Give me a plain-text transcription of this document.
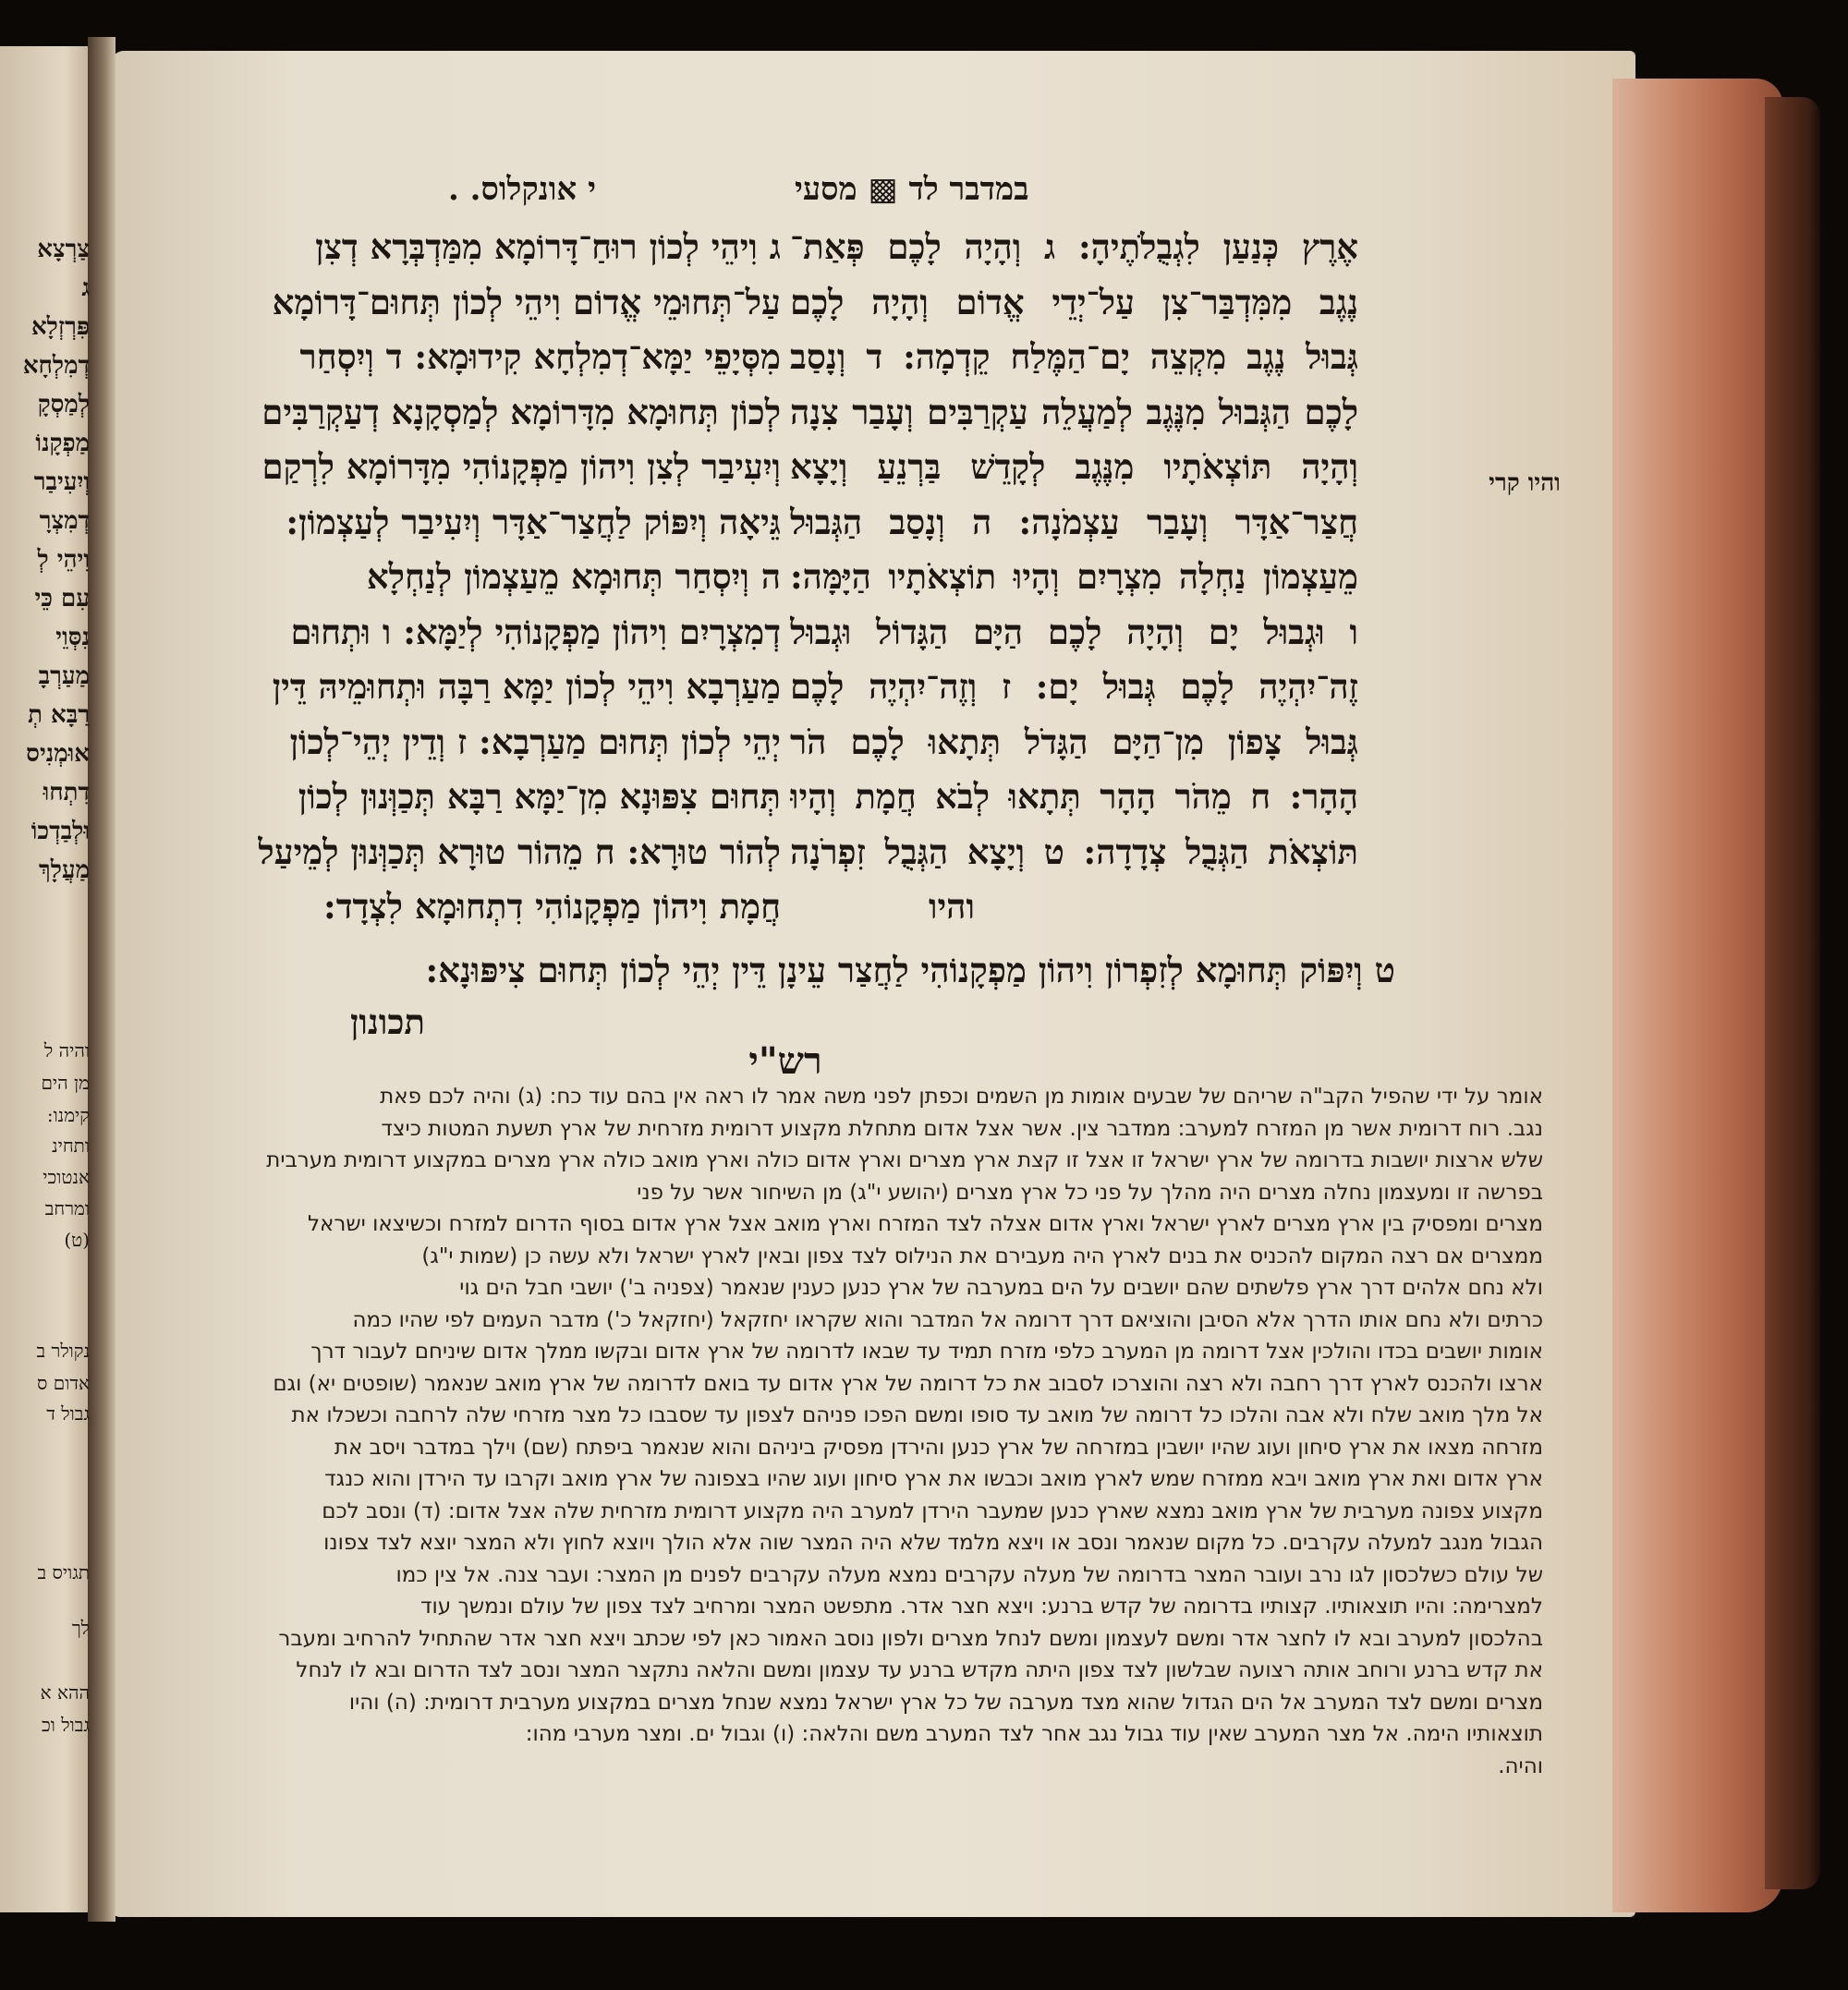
צַרְצָא
ג
פִּרְזְלָא
דְמִלְחָא
לְמַסְקָ
מַפְקָנוֹ
וְיִעִיבַר
דְמִצְרָ
וִיהֵי לְ
עִם כֵּי
נִסְּוֵי
מַעַרְבָ
רַבָּא תְ
אוּמְנִיס
דִתְחוּ
וּלְבַדְכוֹ
מַעֲלָךְ
והיה ל
מן הים
קימנו:
ותחינ
אנטוכי
ומרחב
(ט)
נקולר ב
אדום ס
גבול ד
תגויס ב
לך
ההא א
גבול וכ
במדבר לד ▩ מסעי
י אונקלוס. .
אֶרֶץ כְּנַעַן לִגְבֻלֹתֶיהָ: ג וְהָיָה לָכֶם פְּאַת־
נֶגֶב מִמִּדְבַּר־צִן עַל־יְדֵי אֱדוֹם וְהָיָה לָכֶם
גְּבוּל נֶגֶב מִקְצֵה יָם־הַמֶּלַח קֵדְמָה: ד וְנָסַב
לָכֶם הַגְּבוּל מִנֶּגֶב לְמַעֲלֵה עַקְרַבִּים וְעָבַר צִנָה
וְהָיָה תּוֹצְאֹתָיו מִנֶּגֶב לְקָדֵשׁ בַּרְנֵעַ וְיָצָא
חֲצַר־אַדָּר וְעָבַר עַצְמֹנָה: ה וְנָסַב הַגְּבוּל
מֵעַצְמוֹן נַחְלָה מִצְרָיִם וְהָיוּ תוֹצְאֹתָיו הַיָּמָּה:
ו וּגְבוּל יָם וְהָיָה לָכֶם הַיָּם הַגָּדוֹל וּגְבוּל
זֶה־יִהְיֶה לָכֶם גְּבוּל יָם: ז וְזֶה־יִהְיֶה לָכֶם
גְּבוּל צָפוֹן מִן־הַיָּם הַגָּדֹל תְּתָאוּ לָכֶם הֹר
הָהָר: ח מֵהֹר הָהָר תְּתָאוּ לְבֹא חֲמָת וְהָיוּ
תּוֹצְאֹת הַגְּבֻל צְדָדָה: ט וְיָצָא הַגְּבֻל זִפְרֹנָה
והיו
והיו קרי
ג וִיהֵי לְכוֹן רוּחַ־דָּרוֹמָא מִמַּדְבְּרָא דְצִן
עַל־תְּחוּמֵי אֱדוֹם וִיהֵי לְכוֹן תְּחוּם־דָּרוֹמָא
מִסְּיָפֵי יַמָּא־דְמִלְחָא קִידוּמָא: ד וְיִסְחַר
לְכוֹן תְּחוּמָא מִדָּרוֹמָא לְמַסְקָנָא דְעַקְרַבִּים
וְיִעִיבַר לְצִן וִיהוֹן מַפְקָנוֹהִי מִדָּרוֹמָא לִרְקַם
גֵּיאָה וְיִפּוֹק לַחֲצַר־אַדָּר וְיִעִיבַר לְעַצְמוֹן:
ה וְיִסְחַר תְּחוּמָא מֵעַצְמוֹן לְנַחְלָא
דְמִצְרָיִם וִיהוֹן מַפְקָנוֹהִי לְיַמָּא: ו וּתְחוּם
מַעַרְבָא וִיהֵי לְכוֹן יַמָּא רַבָּה וּתְחוּמֵיהּ דֵּין
יְהֵי לְכוֹן תְּחוּם מַעַרְבָא: ז וְדֵין יְהֵי־לְכוֹן
תְּחוּם צִפּוּנָא מִן־יַמָּא רַבָּא תְּכַוְּנוּן לְכוֹן
לְהוֹר טוּרָא: ח מֵהוֹר טוּרָא תְּכַוְּנוּן לְמֵיעַל
חֲמָת וִיהוֹן מַפְקָנוֹהִי דִתְחוּמָא לִצְדָד:
ט וְיִפּוֹק תְּחוּמָא לְזִפְרוֹן וִיהוֹן מַפְקָנוֹהִי לַחֲצַר עֵינָן דֵּין יְהֵי לְכוֹן תְּחוּם צִיפּוּנָא:
תכונון
רש"י
אומר על ידי שהפיל הקב"ה שריהם של שבעים אומות מן השמים וכפתן לפני משה אמר לו ראה אין בהם עוד כח: (ג) והיה לכם פאת
נגב. רוח דרומית אשר מן המזרח למערב: ממדבר צין. אשר אצל אדום מתחלת מקצוע דרומית מזרחית של ארץ תשעת המטות כיצד
שלש ארצות יושבות בדרומה של ארץ ישראל זו אצל זו קצת ארץ מצרים וארץ אדום כולה וארץ מואב כולה ארץ מצרים במקצוע דרומית מערבית
בפרשה זו ומעצמון נחלה מצרים היה מהלך על פני כל ארץ מצרים (יהושע י"ג) מן השיחור אשר על פני
מצרים ומפסיק בין ארץ מצרים לארץ ישראל וארץ אדום אצלה לצד המזרח וארץ מואב אצל ארץ אדום בסוף הדרום למזרח וכשיצאו ישראל
ממצרים אם רצה המקום להכניס את בנים לארץ היה מעבירם את הנילוס לצד צפון ובאין לארץ ישראל ולא עשה כן (שמות י"ג)
ולא נחם אלהים דרך ארץ פלשתים שהם יושבים על הים במערבה של ארץ כנען כענין שנאמר (צפניה ב') יושבי חבל הים גוי
כרתים ולא נחם אותו הדרך אלא הסיבן והוציאם דרך דרומה אל המדבר והוא שקראו יחזקאל (יחזקאל כ') מדבר העמים לפי שהיו כמה
אומות יושבים בכדו והולכין אצל דרומה מן המערב כלפי מזרח תמיד עד שבאו לדרומה של ארץ אדום ובקשו ממלך אדום שיניחם לעבור דרך
ארצו ולהכנס לארץ דרך רחבה ולא רצה והוצרכו לסבוב את כל דרומה של ארץ אדום עד בואם לדרומה של ארץ מואב שנאמר (שופטים יא) וגם
אל מלך מואב שלח ולא אבה והלכו כל דרומה של מואב עד סופו ומשם הפכו פניהם לצפון עד שסבבו כל מצר מזרחי שלה לרחבה וכשכלו את
מזרחה מצאו את ארץ סיחון ועוג שהיו יושבין במזרחה של ארץ כנען והירדן מפסיק ביניהם והוא שנאמר ביפתח (שם) וילך במדבר ויסב את
ארץ אדום ואת ארץ מואב ויבא ממזרח שמש לארץ מואב וכבשו את ארץ סיחון ועוג שהיו בצפונה של ארץ מואב וקרבו עד הירדן והוא כנגד
מקצוע צפונה מערבית של ארץ מואב נמצא שארץ כנען שמעבר הירדן למערב היה מקצוע דרומית מזרחית שלה אצל אדום: (ד) ונסב לכם
הגבול מנגב למעלה עקרבים. כל מקום שנאמר ונסב או ויצא מלמד שלא היה המצר שוה אלא הולך ויוצא לחוץ ולא המצר יוצא לצד צפונו
של עולם כשלכסון לגו נרב ועובר המצר בדרומה של מעלה עקרבים נמצא מעלה עקרבים לפנים מן המצר: ועבר צנה. אל צין כמו
למצרימה: והיו תוצאותיו. קצותיו בדרומה של קדש ברנע: ויצא חצר אדר. מתפשט המצר ומרחיב לצד צפון של עולם ונמשך עוד
בהלכסון למערב ובא לו לחצר אדר ומשם לעצמון ומשם לנחל מצרים ולפון נוסב האמור כאן לפי שכתב ויצא חצר אדר שהתחיל להרחיב ומעבר
את קדש ברנע ורוחב אותה רצועה שבלשון לצד צפון היתה מקדש ברנע עד עצמון ומשם והלאה נתקצר המצר ונסב לצד הדרום ובא לו לנחל
מצרים ומשם לצד המערב אל הים הגדול שהוא מצד מערבה של כל ארץ ישראל נמצא שנחל מצרים במקצוע מערבית דרומית: (ה) והיו
תוצאותיו הימה. אל מצר המערב שאין עוד גבול נגב אחר לצד המערב משם והלאה: (ו) וגבול ים. ומצר מערבי מהו:
והיה.
